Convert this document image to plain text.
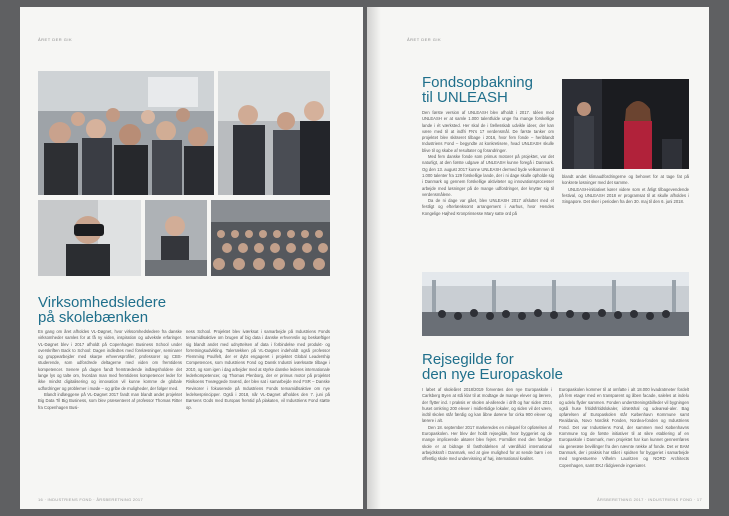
ÅRET DER GIK
Virksomhedsledere
på skolebænken

En gang om året afholdes VL-Døgnet, hvor virksomhedsledere fra danske virksomheder samles for at få ny viden, inspiration og udveksle erfaringer. VL-Døgnet blev i 2017 afholdt på Copenhagen Business School under overskriften Back to School: Dagen indledtes med forelæsninger, seminarer og gruppearbejder med skarpe erhvervsprofiler, professorer og CBS-studerende, som udfordrede deltagerne med viden om fremtidens kompetencer. Senere på dagen fandt fremtrædende indlægsholdere det lange lys og talte om, hvordan man med fremtidens kompetencer leder for ikke mindst digitalisering og innovation vil kunne komme de globale udfordringer og problemer i møde – og gribe de muligheder, der følger med.

Blandt indlæggene på VL-Døgnet 2017 fandt man blandt andet projektet Big Data Til Big Business, som blev præsenteret af professor Thomas Ritter fra Copenhagen Busi-

ness School. Projektet blev iværksat i samarbejde på Industriens Fonds temamidlsaktive om brugen af big data i danske erhvervsliv og beskæftiger sig blandt andet med udnyttelsen af data i forbindelse med produkt- og forretningsudvikling. Talerrækken på VL-Døgnet indeholdt også professor Flemming Poulfelt, der er dybt engageret i projektet Global Leadership Competences, som Industriens Fond og Dansk Industri iværksatte tilbage i 2010, og som igen i dag arbejder med at styrke danske lederes internationale lederkompetencer, og Thomas Plenborg, der er primus motor på projektet Risikoens Tveæggede Sværd, der blev sat i samarbejde med FSR – Danske Revisorer i fokuserede på Industriens Fonds temamidlsaktive om nye ledelsesprincipper. Også i 2018, når VL-Døgnet afholdes den 7. juni på Børsens Gods med Europas fremtid på plakaten, vil Industriens Fond støtte op.

16 · INDUSTRIENS FOND · ÅRSBERETNING 2017
ÅRET DER GIK
Fondsopbakning
til UNLEASH

Den første version af UNLEASH blev afholdt i 2017. Idéen med UNLEASH er at samle 1.000 talentfulde unge fra mange forskellige lande i ét værksted. Her skal de i fællesskab udvikle ideer, der kan være med til at indfri FN's 17 verdensmål. De første tanker om projektet blev skitseret tilbage i 2016, hvor fem fonde – heriblandt Industriens Fond – begyndte at konkretisere, hvad UNLEASH skulle blive til og skabe af resultater og forandringer.

Med fem danske fonde som primus motorer på projektet, var det naturligt, at den første udgave af UNLEASH kunne foregå i Danmark. Og den 13. august 2017 kunne UNLEASH dermed byde velkommen til 1.000 talenter fra 129 forskellige lande, der i ni dage skulle opholde sig i Danmark og gennem forskellige aktiviteter og innovationsprocesser arbejde med løsninger på de mange udfordringer, der knytter sig til verdensmålene.

Da de ni dage var gået, blev UNLEASH 2017 afsluttet med et festligt og efterlænksomt arrangement i Aarhus, hvor Hendes Kongelige Højhed Kronprinsesse Mary satte ord på

blandt andet klimaudfordringerne og behovet for at tage fat på konkrete løsninger med det samme.

UNLEASH-initiativet kører videre som et årligt tilbagevendende festival, og UNLEASH 2018 er programsat til at skulle afholdes i Singapore. Det sker i perioden fra den 30. maj til den 6. juni 2018.

Rejsegilde for
den nye Europaskole

I løbet af skoleåret 2018/2019 forventes den nye Europaskole i Carlsberg Byen at stå klar til at modtage de mange elever og lærere, der flytter ind. I praksis er skolen al-allerede i drift og har siden 2014 huset omkring 200 elever i midlertidige lokaler, og siden vil det være, indtil skolen står færdig og kan åbne dørene for cirka 900 elever og lærere i alt.

Den 18. september 2017 markeredes en milepæl for opførelsen af Europaskolen. Her blev der holdt rejsegilde, hvor byggeriet og de mange implicerede aktører blev fejret. Formålet med den færdige skole er at bidrage til fastholdelsen af værdifuld international arbejdskraft i Danmark, ved at give mulighed for at sende børn i en offentlig skole med undervisning af høj, international kvalitet.

Europaskolen kommer til at omfatte i alt 18.000 kvadratmeter fordelt på fem etager med en transparent og åben facade, saleles at indelu og udelu flyder sammen. Fonden understreningsbilleder vil bygningen også huse fritidsfritidslokaler, idrætshal og udeareal-aler. Bag opførelsen af Europaskolen står København Kommune samt Realdania, Novo Nordisk Fonden, Nordea-fonden og Industriens Fond. Det var Industriens Fond, der sammen med Københavns Kommune tog de første initiativer til at sikre etablering af en Europaskole i Danmark, men projektet har kun kunnet gennemføres via generøse bevillinger fra den nævnte række af fonde. Det er BAM Danmark, der i praksis har stået i spidsen for byggeriet i samarbejde med tegnestuerne Vilhelm Lauritzen og NORD Architects Copenhagen, samt EKJ rådgivende ingeniører.

ÅRSBERETNING 2017 · INDUSTRIENS FOND · 17
